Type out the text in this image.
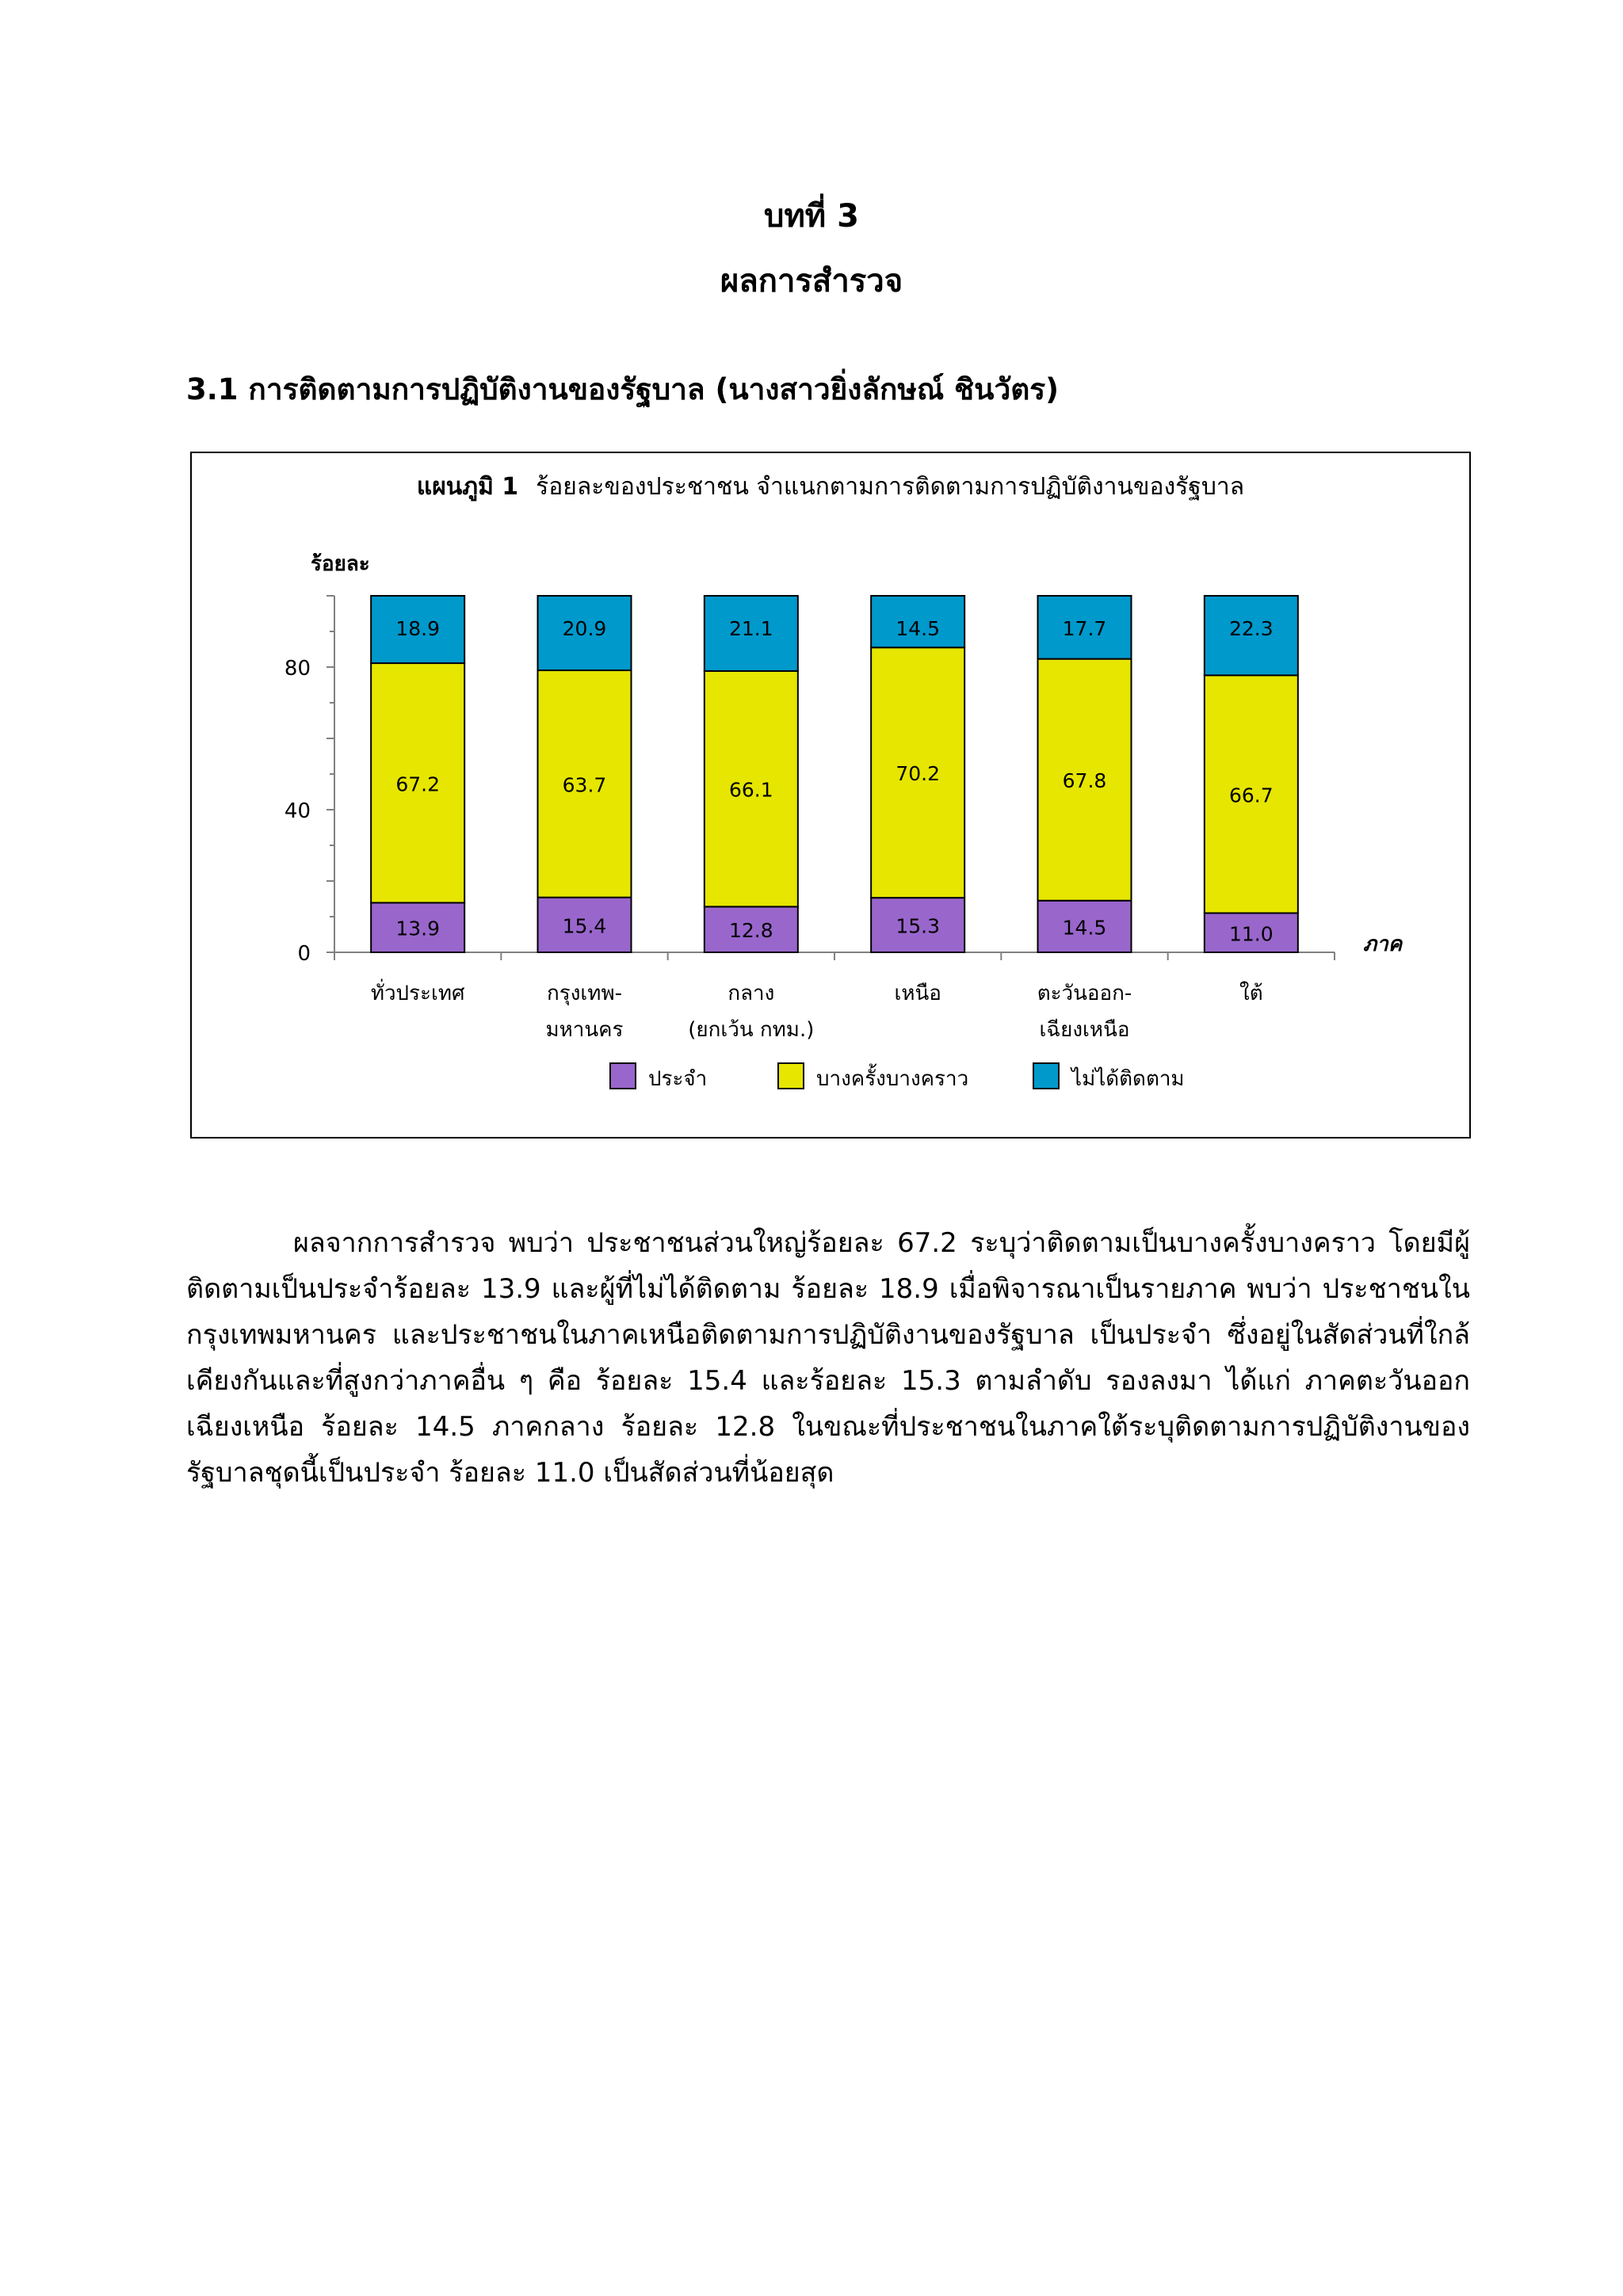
บทที่ 3
ผลการสำรวจ
3.1 การติดตามการปฏิบัติงานของรัฐบาล (นางสาวยิ่งลักษณ์ ชินวัตร)
แผนภูมิ 1 ร้อยละของประชาชน จำแนกตามการติดตามการปฏิบัติงานของรัฐบาล
ร้อยละ
ภาค
0
40
80
13.9
67.2
18.9
ทั่วประเทศ
15.4
63.7
20.9
กรุงเทพ-
มหานคร
12.8
66.1
21.1
กลาง
(ยกเว้น กทม.)
15.3
70.2
14.5
เหนือ
14.5
67.8
17.7
ตะวันออก-
เฉียงเหนือ
11.0
66.7
22.3
ใต้
ประจำ	บางครั้งบางคราว	ไม่ได้ติดตาม

ผลจากการสำรวจ พบว่า ประชาชนส่วนใหญ่ร้อยละ 67.2 ระบุว่าติดตามเป็นบางครั้งบางคราว โดยมีผู้ติดตามเป็นประจำร้อยละ 13.9 และผู้ที่ไม่ได้ติดตาม ร้อยละ 18.9 เมื่อพิจารณาเป็นรายภาค พบว่า ประชาชนในกรุงเทพมหานคร และประชาชนในภาคเหนือติดตามการปฏิบัติงานของรัฐบาล เป็นประจำ ซึ่งอยู่ในสัดส่วนที่ใกล้เคียงกันและที่สูงกว่าภาคอื่น ๆ คือ ร้อยละ 15.4 และร้อยละ 15.3 ตามลำดับ รองลงมา ได้แก่ ภาคตะวันออกเฉียงเหนือ ร้อยละ 14.5 ภาคกลาง ร้อยละ 12.8 ในขณะที่ประชาชนในภาคใต้ระบุติดตามการปฏิบัติงานของรัฐบาลชุดนี้เป็นประจำ ร้อยละ 11.0 เป็นสัดส่วนที่น้อยสุด
